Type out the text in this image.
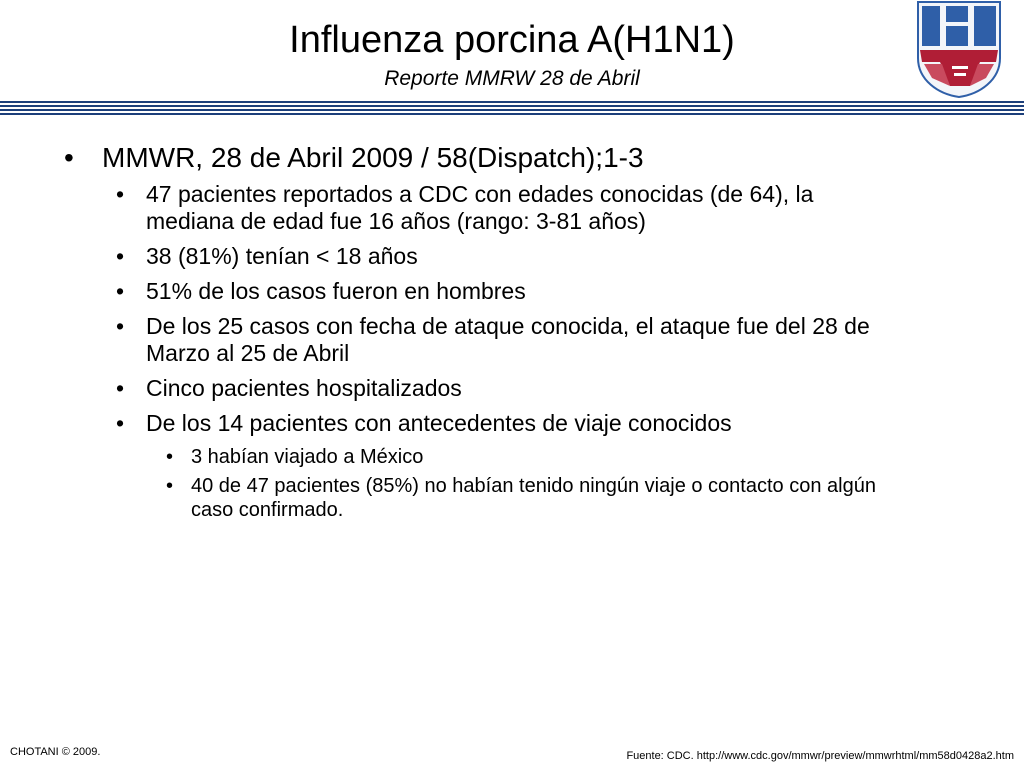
Influenza porcina A(H1N1)
Reporte MMRW 28 de Abril
• MMWR, 28 de Abril 2009 / 58(Dispatch);1-3
• 47 pacientes reportados a CDC con edades conocidas (de 64), la mediana de edad fue 16 años (rango: 3-81 años)
• 38 (81%) tenían < 18 años
• 51% de los casos fueron en hombres
• De los 25 casos con fecha de ataque conocida, el ataque fue del 28 de Marzo al 25 de Abril
• Cinco pacientes hospitalizados
• De los 14 pacientes con antecedentes de viaje conocidos
• 3 habían viajado a México
• 40 de 47 pacientes (85%) no habían tenido ningún viaje o contacto con algún caso confirmado.
CHOTANI © 2009.	Fuente: CDC. http://www.cdc.gov/mmwr/preview/mmwrhtml/mm58d0428a2.htm
